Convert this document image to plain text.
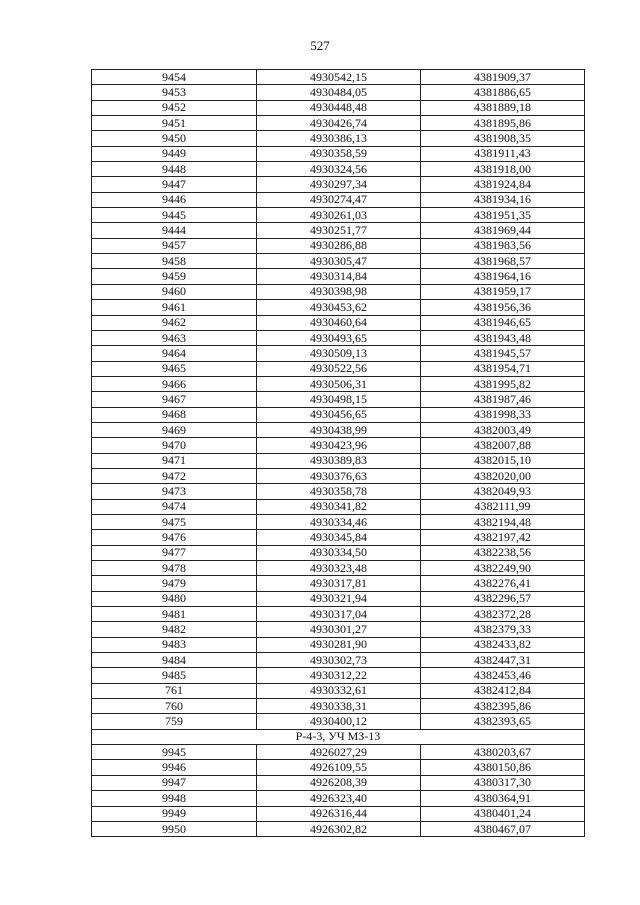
527
9454	4930542,15	4381909,37
9453	4930484,05	4381886,65
9452	4930448,48	4381889,18
9451	4930426,74	4381895,86
9450	4930386,13	4381908,35
9449	4930358,59	4381911,43
9448	4930324,56	4381918,00
9447	4930297,34	4381924,84
9446	4930274,47	4381934,16
9445	4930261,03	4381951,35
9444	4930251,77	4381969,44
9457	4930286,88	4381983,56
9458	4930305,47	4381968,57
9459	4930314,84	4381964,16
9460	4930398,98	4381959,17
9461	4930453,62	4381956,36
9462	4930460,64	4381946,65
9463	4930493,65	4381943,48
9464	4930509,13	4381945,57
9465	4930522,56	4381954,71
9466	4930506,31	4381995,82
9467	4930498,15	4381987,46
9468	4930456,65	4381998,33
9469	4930438,99	4382003,49
9470	4930423,96	4382007,88
9471	4930389,83	4382015,10
9472	4930376,63	4382020,00
9473	4930358,78	4382049,93
9474	4930341,82	4382111,99
9475	4930334,46	4382194,48
9476	4930345,84	4382197,42
9477	4930334,50	4382238,56
9478	4930323,48	4382249,90
9479	4930317,81	4382276,41
9480	4930321,94	4382296,57
9481	4930317,04	4382372,28
9482	4930301,27	4382379,33
9483	4930281,90	4382433,82
9484	4930302,73	4382447,31
9485	4930312,22	4382453,46
761	4930332,61	4382412,84
760	4930338,31	4382395,86
759	4930400,12	4382393,65
Р-4-3, УЧ МЗ-13		
9945	4926027,29	4380203,67
9946	4926109,55	4380150,86
9947	4926208,39	4380317,30
9948	4926323,40	4380364,91
9949	4926316,44	4380401,24
9950	4926302,82	4380467,07
